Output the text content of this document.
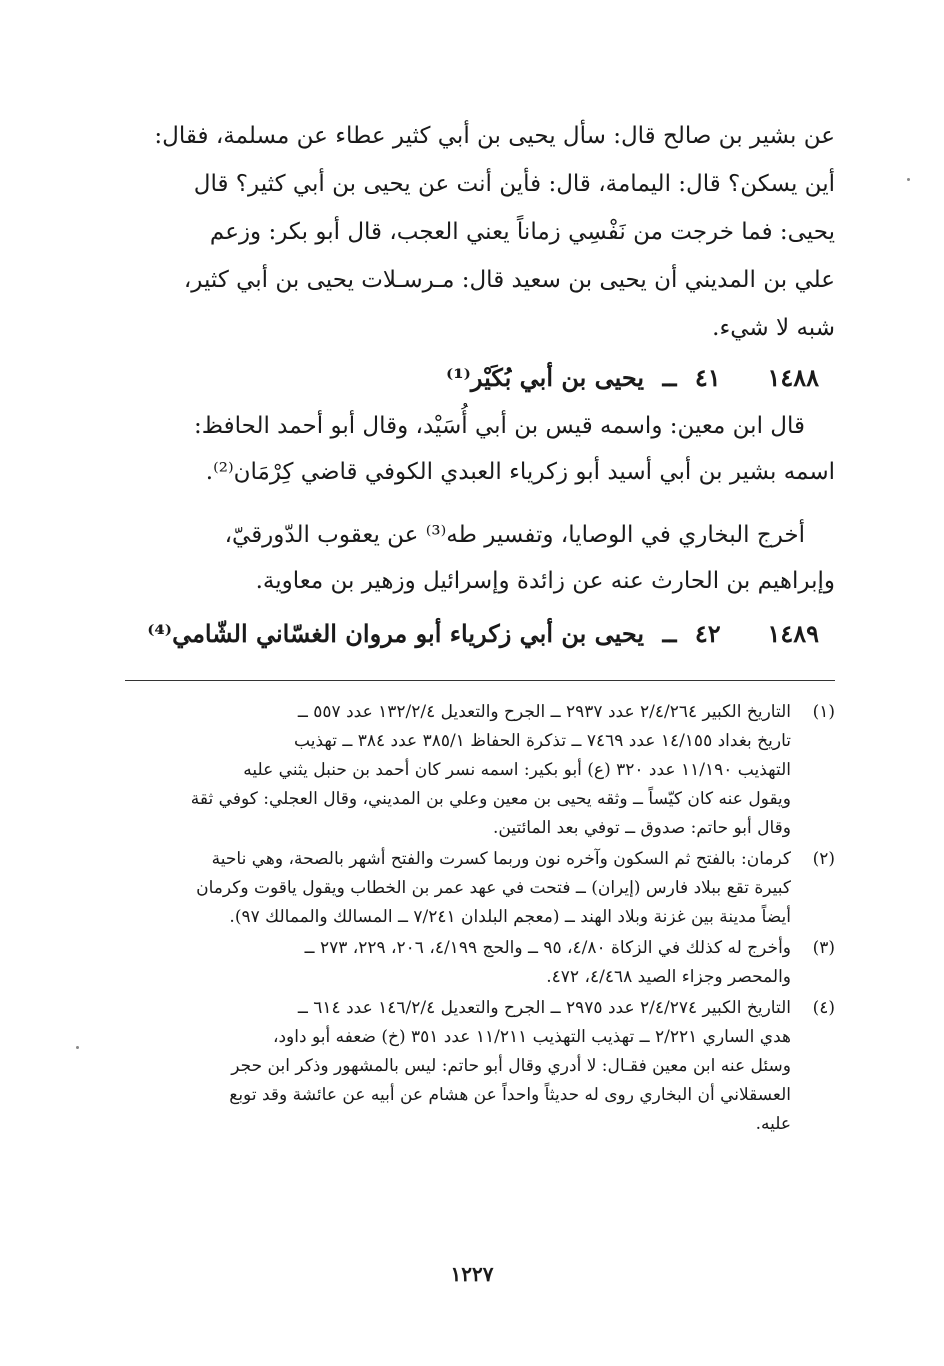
عن بشير بن صالح قال: سأل يحيى بن أبي كثير عطاء عن مسلمة، فقال:
أين يسكن؟ قال: اليمامة، قال: فأين أنت عن يحيى بن أبي كثير؟ قال
يحيى: فما خرجت من نَفْسِي زماناً يعني العجب، قال أبو بكر: وزعم
علي بن المديني أن يحيى بن سعيد قال: مـرسـلات يحيى بن أبي كثير،
شبه لا شيء.
١٤٨٨ ٤١ ــ يحيى بن أبي بُكَيْر⁽¹⁾
قال ابن معين: واسمه قيس بن أبي أُسَيْد، وقال أبو أحمد الحافظ:
اسمه بشير بن أبي أسيد أبو زكرياء العبدي الكوفي قاضي كِرْمَان⁽²⁾.
أخرج البخاري في الوصايا، وتفسير طه⁽³⁾ عن يعقوب الدّورقيّ،
وإبراهيم بن الحارث عنه عن زائدة وإسرائيل وزهير بن معاوية.
١٤٨٩ ٤٢ ــ يحيى بن أبي زكرياء أبو مروان الغسّاني الشّامي⁽⁴⁾
(١)
التاريخ الكبير ٢/٤/٢٦٤ عدد ٢٩٣٧ ــ الجرح والتعديل ١٣٢/٢/٤ عدد ٥٥٧ ــ
تاريخ بغداد ١٤/١٥٥ عدد ٧٤٦٩ ــ تذكرة الحفاظ ٣٨٥/١ عدد ٣٨٤ ــ تهذيب
التهذيب ١١/١٩٠ عدد ٣٢٠ (ع) أبو بكير: اسمه نسر كان أحمد بن حنبل يثني عليه
ويقول عنه كان كيّساً ــ وثقه يحيى بن معين وعلي بن المديني، وقال العجلي: كوفي ثقة
وقال أبو حاتم: صدوق ــ توفي بعد المائتين.
(٢)
كرمان: بالفتح ثم السكون وآخره نون وربما كسرت والفتح أشهر بالصحة، وهي ناحية
كبيرة تقع ببلاد فارس (إيران) ــ فتحت في عهد عمر بن الخطاب ويقول ياقوت وكرمان
أيضاً مدينة بين غزنة وبلاد الهند ــ (معجم البلدان ٧/٢٤١ ــ المسالك والممالك ٩٧).
(٣)
وأخرج له كذلك في الزكاة ٤/٨٠، ٩٥ ــ والحج ٤/١٩٩، ٢٠٦، ٢٢٩، ٢٧٣ ــ
والمحصر وجزاء الصيد ٤/٤٦٨، ٤٧٢.
(٤)
التاريخ الكبير ٢/٤/٢٧٤ عدد ٢٩٧٥ ــ الجرح والتعديل ١٤٦/٢/٤ عدد ٦١٤ ــ
هدي الساري ٢/٢٢١ ــ تهذيب التهذيب ١١/٢١١ عدد ٣٥١ (خ) ضعفه أبو داود،
وسئل عنه ابن معين فقـال: لا أدري وقال أبو حاتم: ليس بالمشهور وذكر ابن حجر
العسقلاني أن البخاري روى له حديثاً واحداً عن هشام عن أبيه عن عائشة وقد توبع
عليه.
١٢٢٧
